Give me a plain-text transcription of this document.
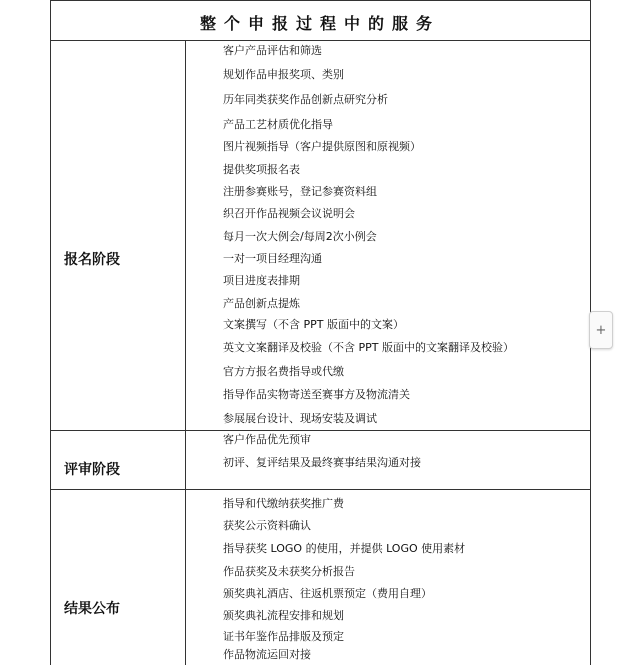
整个申报过程中的服务
报名阶段
评审阶段
结果公布
客户产品评估和筛选
规划作品申报奖项、类别
历年同类获奖作品创新点研究分析
产品工艺材质优化指导
图片视频指导（客户提供原图和原视频）
提供奖项报名表
注册参赛账号，登记参赛资料组
织召开作品视频会议说明会
每月一次大例会/每周2次小例会
一对一项目经理沟通
项目进度表排期
产品创新点提炼
文案撰写（不含 PPT 版面中的文案）
英文文案翻译及校验（不含 PPT 版面中的文案翻译及校验）
官方方报名费指导或代缴
指导作品实物寄送至赛事方及物流清关
参展展台设计、现场安装及调试
客户作品优先预审
初评、复评结果及最终赛事结果沟通对接
指导和代缴纳获奖推广费
获奖公示资料确认
指导获奖 LOGO 的使用，并提供 LOGO 使用素材
作品获奖及未获奖分析报告
颁奖典礼酒店、往返机票预定（费用自理）
颁奖典礼流程安排和规划
证书年鉴作品排版及预定
作品物流运回对接
+
